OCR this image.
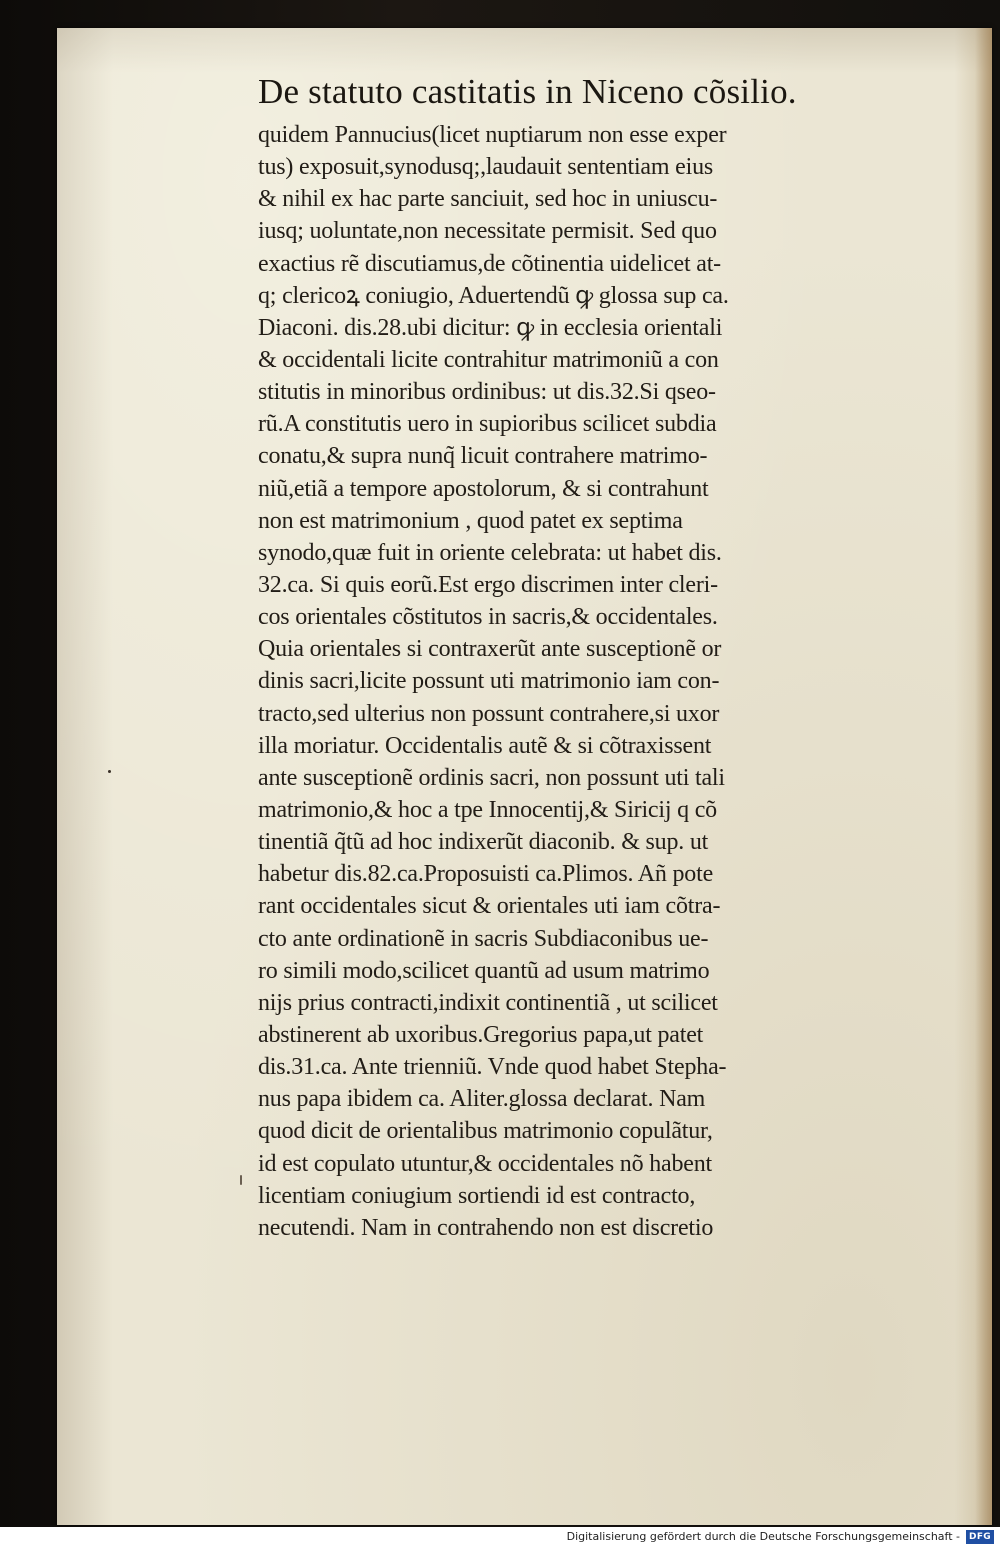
De statuto castitatis in Niceno cõsilio.
quidem Pannucius(licet nuptiarum non esse exper
tus) exposuit,synodusq;,laudauit sententiam eius
& nihil ex hac parte sanciuit, sed hoc in uniuscu-
iusq; uoluntate,non necessitate permisit. Sed quo
exactius rẽ discutiamus,de cõtinentia uidelicet at-
q; clericoꝝ coniugio, Aduertendũ ꝙ glossa sup ca.
Diaconi. dis.28.ubi dicitur: ꝙ in ecclesia orientali
& occidentali licite contrahitur matrimoniũ a con
stitutis in minoribus ordinibus: ut dis.32.Si qseo-
rũ.A constitutis uero in supioribus scilicet subdia
conatu,& supra nunq̃ licuit contrahere matrimo-
niũ,etiã a tempore apostolorum, & si contrahunt
non est matrimonium , quod patet ex septima
synodo,quæ fuit in oriente celebrata: ut habet dis.
32.ca. Si quis eorũ.Est ergo discrimen inter cleri-
cos orientales cõstitutos in sacris,& occidentales.
Quia orientales si contraxerũt ante susceptionẽ or
dinis sacri,licite possunt uti matrimonio iam con-
tracto,sed ulterius non possunt contrahere,si uxor
illa moriatur. Occidentalis autẽ & si cõtraxissent
ante susceptionẽ ordinis sacri, non possunt uti tali
matrimonio,& hoc a tpe Innocentij,& Siricij q cõ
tinentiã q̃tũ ad hoc indixerũt diaconib. & sup. ut
habetur dis.82.ca.Proposuisti ca.Plimos. Añ pote
rant occidentales sicut & orientales uti iam cõtra-
cto ante ordinationẽ in sacris Subdiaconibus ue-
ro simili modo,scilicet quantũ ad usum matrimo
nijs prius contracti,indixit continentiã , ut scilicet
abstinerent ab uxoribus.Gregorius papa,ut patet
dis.31.ca. Ante trienniũ. Vnde quod habet Stepha-
nus papa ibidem ca. Aliter.glossa declarat. Nam
quod dicit de orientalibus matrimonio copulãtur,
id est copulato utuntur,& occidentales nõ habent
licentiam coniugium sortiendi id est contracto,
necutendi. Nam in contrahendo non est discretio
Digitalisierung gefördert durch die Deutsche Forschungsgemeinschaft -	DFG
